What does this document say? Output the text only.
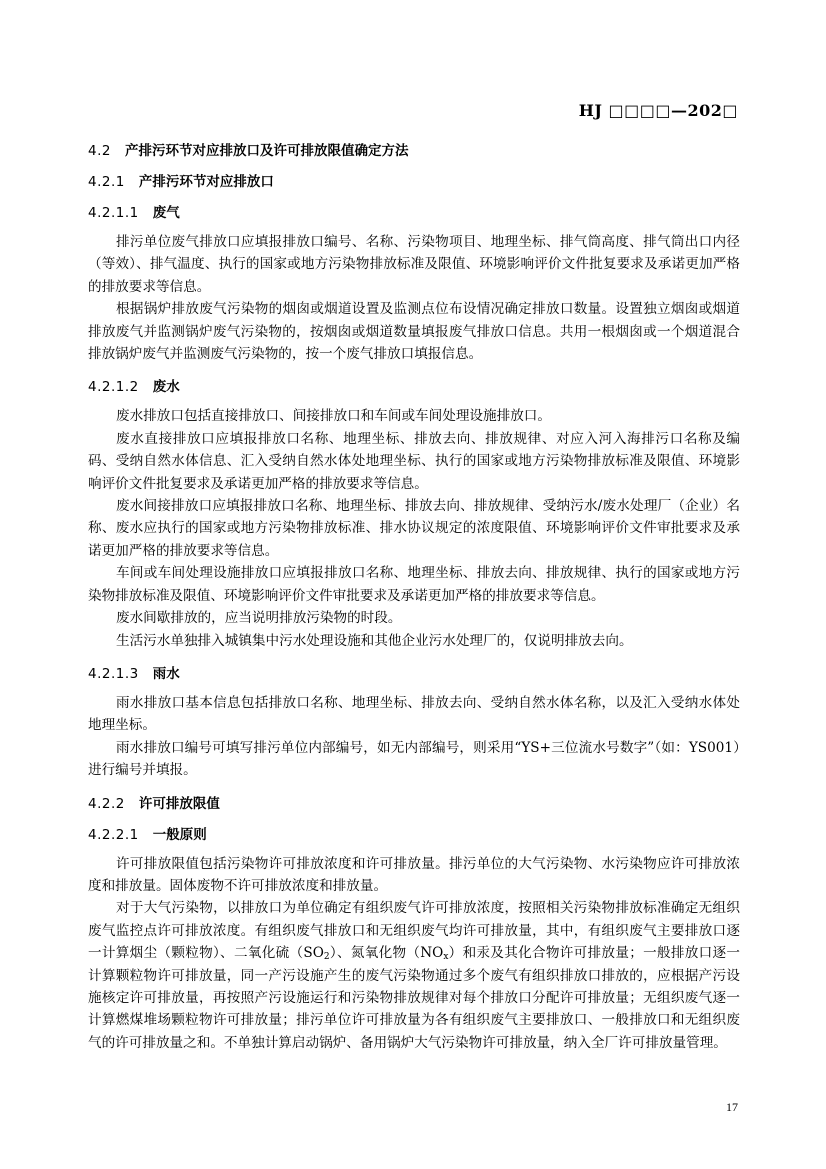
HJ □□□□—202□
4.2 产排污环节对应排放口及许可排放限值确定方法
4.2.1 产排污环节对应排放口
4.2.1.1 废气

排污单位废气排放口应填报排放口编号、名称、污染物项目、地理坐标、排气筒高度、排气筒出口内径（等效）、排气温度、执行的国家或地方污染物排放标准及限值、环境影响评价文件批复要求及承诺更加严格的排放要求等信息。

根据锅炉排放废气污染物的烟囱或烟道设置及监测点位布设情况确定排放口数量。设置独立烟囱或烟道排放废气并监测锅炉废气污染物的，按烟囱或烟道数量填报废气排放口信息。共用一根烟囱或一个烟道混合排放锅炉废气并监测废气污染物的，按一个废气排放口填报信息。

4.2.1.2 废水

废水排放口包括直接排放口、间接排放口和车间或车间处理设施排放口。

废水直接排放口应填报排放口名称、地理坐标、排放去向、排放规律、对应入河入海排污口名称及编码、受纳自然水体信息、汇入受纳自然水体处地理坐标、执行的国家或地方污染物排放标准及限值、环境影响评价文件批复要求及承诺更加严格的排放要求等信息。

废水间接排放口应填报排放口名称、地理坐标、排放去向、排放规律、受纳污水/废水处理厂（企业）名称、废水应执行的国家或地方污染物排放标准、排水协议规定的浓度限值、环境影响评价文件审批要求及承诺更加严格的排放要求等信息。

车间或车间处理设施排放口应填报排放口名称、地理坐标、排放去向、排放规律、执行的国家或地方污染物排放标准及限值、环境影响评价文件审批要求及承诺更加严格的排放要求等信息。

废水间歇排放的，应当说明排放污染物的时段。

生活污水单独排入城镇集中污水处理设施和其他企业污水处理厂的，仅说明排放去向。

4.2.1.3 雨水

雨水排放口基本信息包括排放口名称、地理坐标、排放去向、受纳自然水体名称，以及汇入受纳水体处地理坐标。

雨水排放口编号可填写排污单位内部编号，如无内部编号，则采用“YS+三位流水号数字”（如：YS001）进行编号并填报。

4.2.2 许可排放限值
4.2.2.1 一般原则

许可排放限值包括污染物许可排放浓度和许可排放量。排污单位的大气污染物、水污染物应许可排放浓度和排放量。固体废物不许可排放浓度和排放量。

对于大气污染物，以排放口为单位确定有组织废气许可排放浓度，按照相关污染物排放标准确定无组织废气监控点许可排放浓度。有组织废气排放口和无组织废气均许可排放量，其中，有组织废气主要排放口逐一计算烟尘（颗粒物）、二氧化硫$(SO_2)$、氮氧化物$(NO_x)$和汞及其化合物许可排放量；一般排放口逐一计算颗粒物许可排放量，同一产污设施产生的废气污染物通过多个废气有组织排放口排放的，应根据产污设施核定许可排放量，再按照产污设施运行和污染物排放规律对每个排放口分配许可排放量；无组织废气逐一计算燃煤堆场颗粒物许可排放量；排污单位许可排放量为各有组织废气主要排放口、一般排放口和无组织废气的许可排放量之和。不单独计算启动锅炉、备用锅炉大气污染物许可排放量，纳入全厂许可排放量管理。

17
